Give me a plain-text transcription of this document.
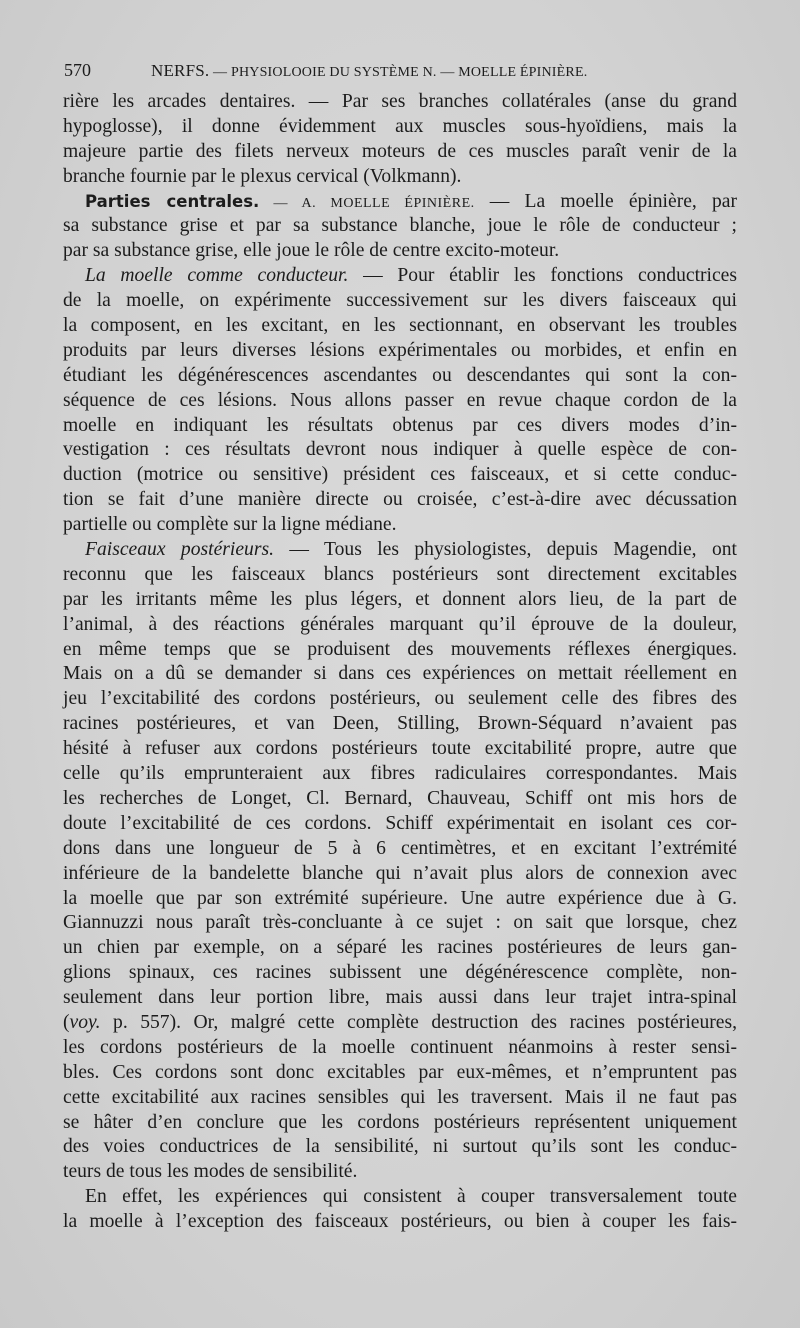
570	NERFS. — PHYSIOLOOIE DU SYSTÈME N. — MOELLE ÉPINIÈRE.
rière les arcades dentaires. — Par ses branches collatérales (anse du grand
hypoglosse), il donne évidemment aux muscles sous-hyoïdiens, mais la
majeure partie des filets nerveux moteurs de ces muscles paraît venir de la
branche fournie par le plexus cervical (Volkmann).
Parties centrales. — A. MOELLE ÉPINIÈRE. — La moelle épinière, par
sa substance grise et par sa substance blanche, joue le rôle de conducteur ;
par sa substance grise, elle joue le rôle de centre excito-moteur.
La moelle comme conducteur. — Pour établir les fonctions conductrices
de la moelle, on expérimente successivement sur les divers faisceaux qui
la composent, en les excitant, en les sectionnant, en observant les troubles
produits par leurs diverses lésions expérimentales ou morbides, et enfin en
étudiant les dégénérescences ascendantes ou descendantes qui sont la con-
séquence de ces lésions. Nous allons passer en revue chaque cordon de la
moelle en indiquant les résultats obtenus par ces divers modes d’in-
vestigation : ces résultats devront nous indiquer à quelle espèce de con-
duction (motrice ou sensitive) président ces faisceaux, et si cette conduc-
tion se fait d’une manière directe ou croisée, c’est-à-dire avec décussation
partielle ou complète sur la ligne médiane.
Faisceaux postérieurs. — Tous les physiologistes, depuis Magendie, ont
reconnu que les faisceaux blancs postérieurs sont directement excitables
par les irritants même les plus légers, et donnent alors lieu, de la part de
l’animal, à des réactions générales marquant qu’il éprouve de la douleur,
en même temps que se produisent des mouvements réflexes énergiques.
Mais on a dû se demander si dans ces expériences on mettait réellement en
jeu l’excitabilité des cordons postérieurs, ou seulement celle des fibres des
racines postérieures, et van Deen, Stilling, Brown-Séquard n’avaient pas
hésité à refuser aux cordons postérieurs toute excitabilité propre, autre que
celle qu’ils emprunteraient aux fibres radiculaires correspondantes. Mais
les recherches de Longet, Cl. Bernard, Chauveau, Schiff ont mis hors de
doute l’excitabilité de ces cordons. Schiff expérimentait en isolant ces cor-
dons dans une longueur de 5 à 6 centimètres, et en excitant l’extrémité
inférieure de la bandelette blanche qui n’avait plus alors de connexion avec
la moelle que par son extrémité supérieure. Une autre expérience due à G.
Giannuzzi nous paraît très-concluante à ce sujet : on sait que lorsque, chez
un chien par exemple, on a séparé les racines postérieures de leurs gan-
glions spinaux, ces racines subissent une dégénérescence complète, non-
seulement dans leur portion libre, mais aussi dans leur trajet intra-spinal
(voy. p. 557). Or, malgré cette complète destruction des racines postérieures,
les cordons postérieurs de la moelle continuent néanmoins à rester sensi-
bles. Ces cordons sont donc excitables par eux-mêmes, et n’empruntent pas
cette excitabilité aux racines sensibles qui les traversent. Mais il ne faut pas
se hâter d’en conclure que les cordons postérieurs représentent uniquement
des voies conductrices de la sensibilité, ni surtout qu’ils sont les conduc-
teurs de tous les modes de sensibilité.
En effet, les expériences qui consistent à couper transversalement toute
la moelle à l’exception des faisceaux postérieurs, ou bien à couper les fais-
